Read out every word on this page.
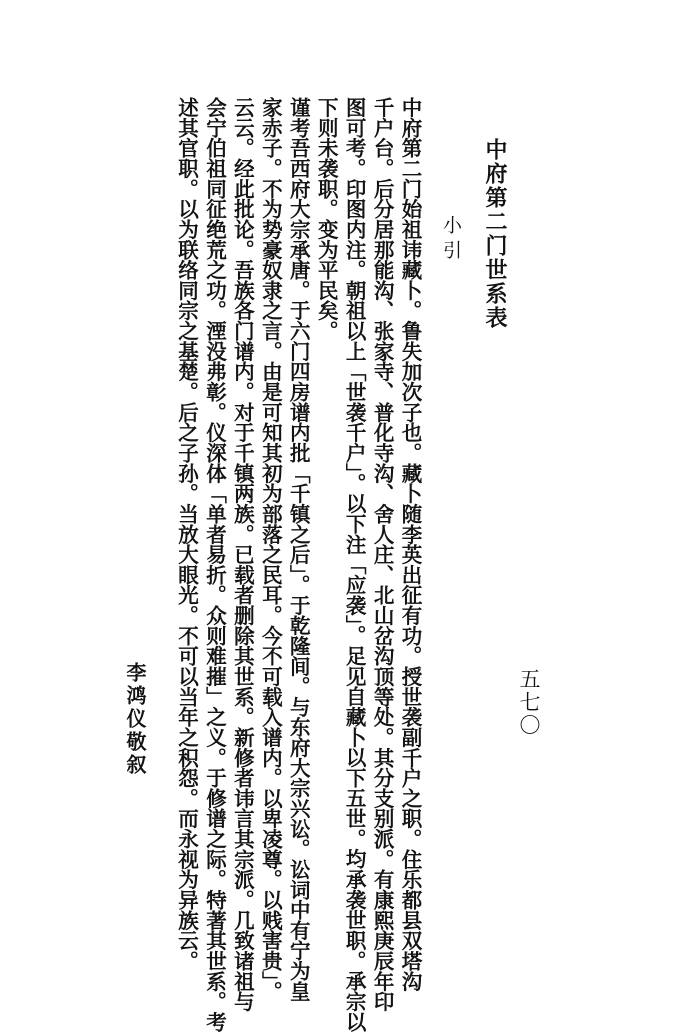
中府第二门世系表
小引
中府第二门始祖讳藏卜。鲁失加次子也。藏卜随李英出征有功。授世袭副千户之职。住乐都县双塔沟
千户台。后分居那能沟、张家寺、普化寺沟、舍人庄、北山岔沟顶等处。其分支别派。有康熙庚辰年印
图可考。印图内注。朝祖以上「世袭千户」。以下注「应袭」。足见自藏卜以下五世。均承袭世职。承宗以
下则未袭职。变为平民矣。
谨考吾西府大宗承唐。于六门四房谱内批「千镇之后」。于乾隆间。与东府大宗兴讼。讼词中有宁为皇
家赤子。不为势豪奴隶之言。由是可知其初为部落之民耳。今不可载入谱内。以卑凌尊。以贱害贵」。
云云。经此批论。吾族各门谱内。对于千镇两族。已载者删除其世系。新修者讳言其宗派。几致诸祖与
会宁伯祖同征绝荒之功。湮没弗彰。仪深体「单者易折。众则难摧」之义。于修谱之际。特著其世系。考
述其官职。以为联络同宗之基楚。后之子孙。当放大眼光。不可以当年之积怨。而永视为异族云。	五七〇
李鸿仪敬叙
